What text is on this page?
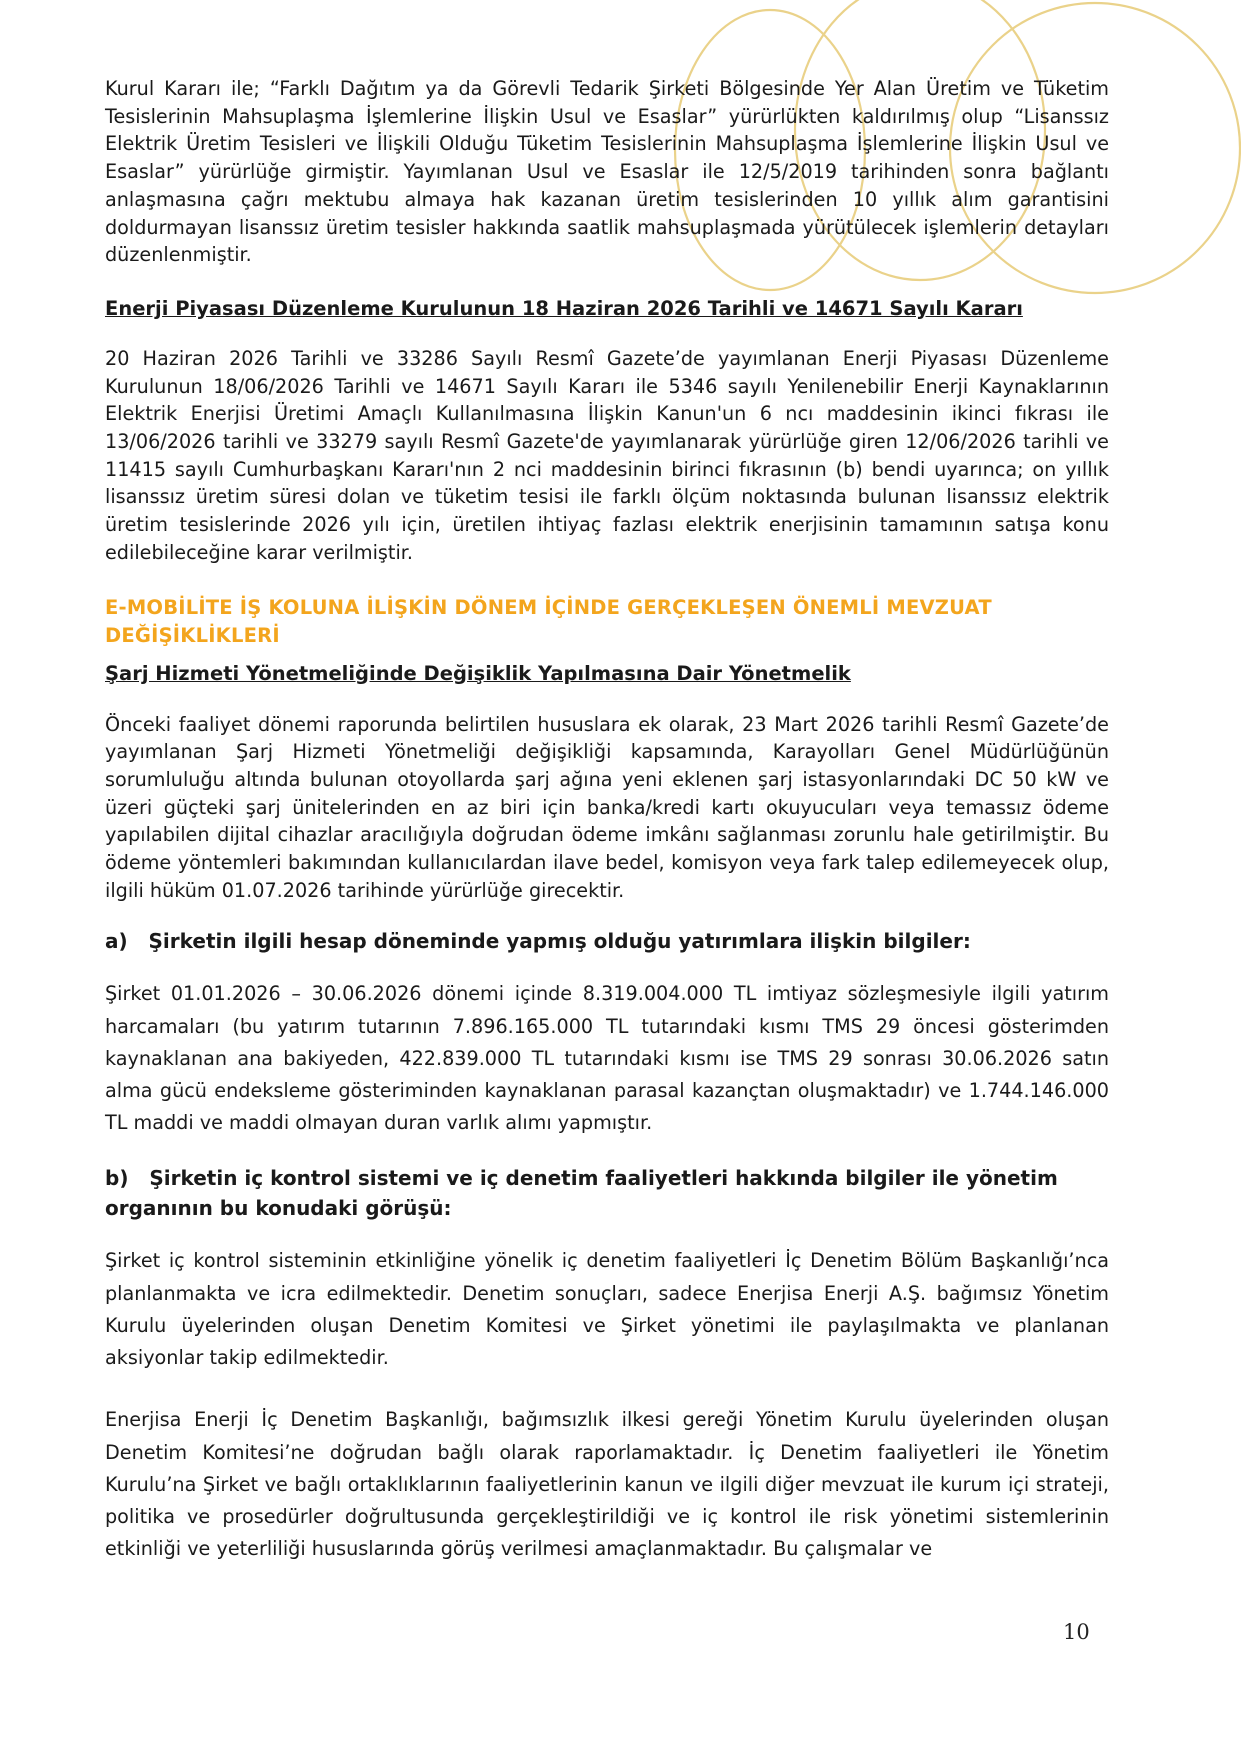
Kurul Kararı ile; “Farklı Dağıtım ya da Görevli Tedarik Şirketi Bölgesinde Yer Alan Üretim ve Tüketim Tesislerinin Mahsuplaşma İşlemlerine İlişkin Usul ve Esaslar” yürürlükten kaldırılmış olup “Lisanssız Elektrik Üretim Tesisleri ve İlişkili Olduğu Tüketim Tesislerinin Mahsuplaşma İşlemlerine İlişkin Usul ve Esaslar” yürürlüğe girmiştir. Yayımlanan Usul ve Esaslar ile 12/5/2019 tarihinden sonra bağlantı anlaşmasına çağrı mektubu almaya hak kazanan üretim tesislerinden 10 yıllık alım garantisini doldurmayan lisanssız üretim tesisler hakkında saatlik mahsuplaşmada yürütülecek işlemlerin detayları düzenlenmiştir.

Enerji Piyasası Düzenleme Kurulunun 18 Haziran 2026 Tarihli ve 14671 Sayılı Kararı

20 Haziran 2026 Tarihli ve 33286 Sayılı Resmî Gazete’de yayımlanan Enerji Piyasası Düzenleme Kurulunun 18/06/2026 Tarihli ve 14671 Sayılı Kararı ile 5346 sayılı Yenilenebilir Enerji Kaynaklarının Elektrik Enerjisi Üretimi Amaçlı Kullanılmasına İlişkin Kanun'un 6 ncı maddesinin ikinci fıkrası ile 13/06/2026 tarihli ve 33279 sayılı Resmî Gazete'de yayımlanarak yürürlüğe giren 12/06/2026 tarihli ve 11415 sayılı Cumhurbaşkanı Kararı'nın 2 nci maddesinin birinci fıkrasının (b) bendi uyarınca; on yıllık lisanssız üretim süresi dolan ve tüketim tesisi ile farklı ölçüm noktasında bulunan lisanssız elektrik üretim tesislerinde 2026 yılı için, üretilen ihtiyaç fazlası elektrik enerjisinin tamamının satışa konu edilebileceğine karar verilmiştir.

E-MOBİLİTE İŞ KOLUNA İLİŞKİN DÖNEM İÇİNDE GERÇEKLEŞEN ÖNEMLİ MEVZUAT DEĞİŞİKLİKLERİ

Şarj Hizmeti Yönetmeliğinde Değişiklik Yapılmasına Dair Yönetmelik

Önceki faaliyet dönemi raporunda belirtilen hususlara ek olarak, 23 Mart 2026 tarihli Resmî Gazete’de yayımlanan Şarj Hizmeti Yönetmeliği değişikliği kapsamında, Karayolları Genel Müdürlüğünün sorumluluğu altında bulunan otoyollarda şarj ağına yeni eklenen şarj istasyonlarındaki DC 50 kW ve üzeri güçteki şarj ünitelerinden en az biri için banka/kredi kartı okuyucuları veya temassız ödeme yapılabilen dijital cihazlar aracılığıyla doğrudan ödeme imkânı sağlanması zorunlu hale getirilmiştir. Bu ödeme yöntemleri bakımından kullanıcılardan ilave bedel, komisyon veya fark talep edilemeyecek olup, ilgili hüküm 01.07.2026 tarihinde yürürlüğe girecektir.

a)   Şirketin ilgili hesap döneminde yapmış olduğu yatırımlara ilişkin bilgiler:

Şirket 01.01.2026 – 30.06.2026 dönemi içinde 8.319.004.000 TL imtiyaz sözleşmesiyle ilgili yatırım harcamaları (bu yatırım tutarının 7.896.165.000 TL tutarındaki kısmı TMS 29 öncesi gösterimden kaynaklanan ana bakiyeden, 422.839.000 TL tutarındaki kısmı ise TMS 29 sonrası 30.06.2026 satın alma gücü endeksleme gösteriminden kaynaklanan parasal kazançtan oluşmaktadır) ve 1.744.146.000 TL maddi ve maddi olmayan duran varlık alımı yapmıştır.

b)   Şirketin iç kontrol sistemi ve iç denetim faaliyetleri hakkında bilgiler ile yönetim organının bu konudaki görüşü:

Şirket iç kontrol sisteminin etkinliğine yönelik iç denetim faaliyetleri İç Denetim Bölüm Başkanlığı’nca planlanmakta ve icra edilmektedir. Denetim sonuçları, sadece Enerjisa Enerji A.Ş. bağımsız Yönetim Kurulu üyelerinden oluşan Denetim Komitesi ve Şirket yönetimi ile paylaşılmakta ve planlanan aksiyonlar takip edilmektedir.

Enerjisa Enerji İç Denetim Başkanlığı, bağımsızlık ilkesi gereği Yönetim Kurulu üyelerinden oluşan Denetim Komitesi’ne doğrudan bağlı olarak raporlamaktadır. İç Denetim faaliyetleri ile Yönetim Kurulu’na Şirket ve bağlı ortaklıklarının faaliyetlerinin kanun ve ilgili diğer mevzuat ile kurum içi strateji, politika ve prosedürler doğrultusunda gerçekleştirildiği ve iç kontrol ile risk yönetimi sistemlerinin etkinliği ve yeterliliği hususlarında görüş verilmesi amaçlanmaktadır. Bu çalışmalar ve

10
